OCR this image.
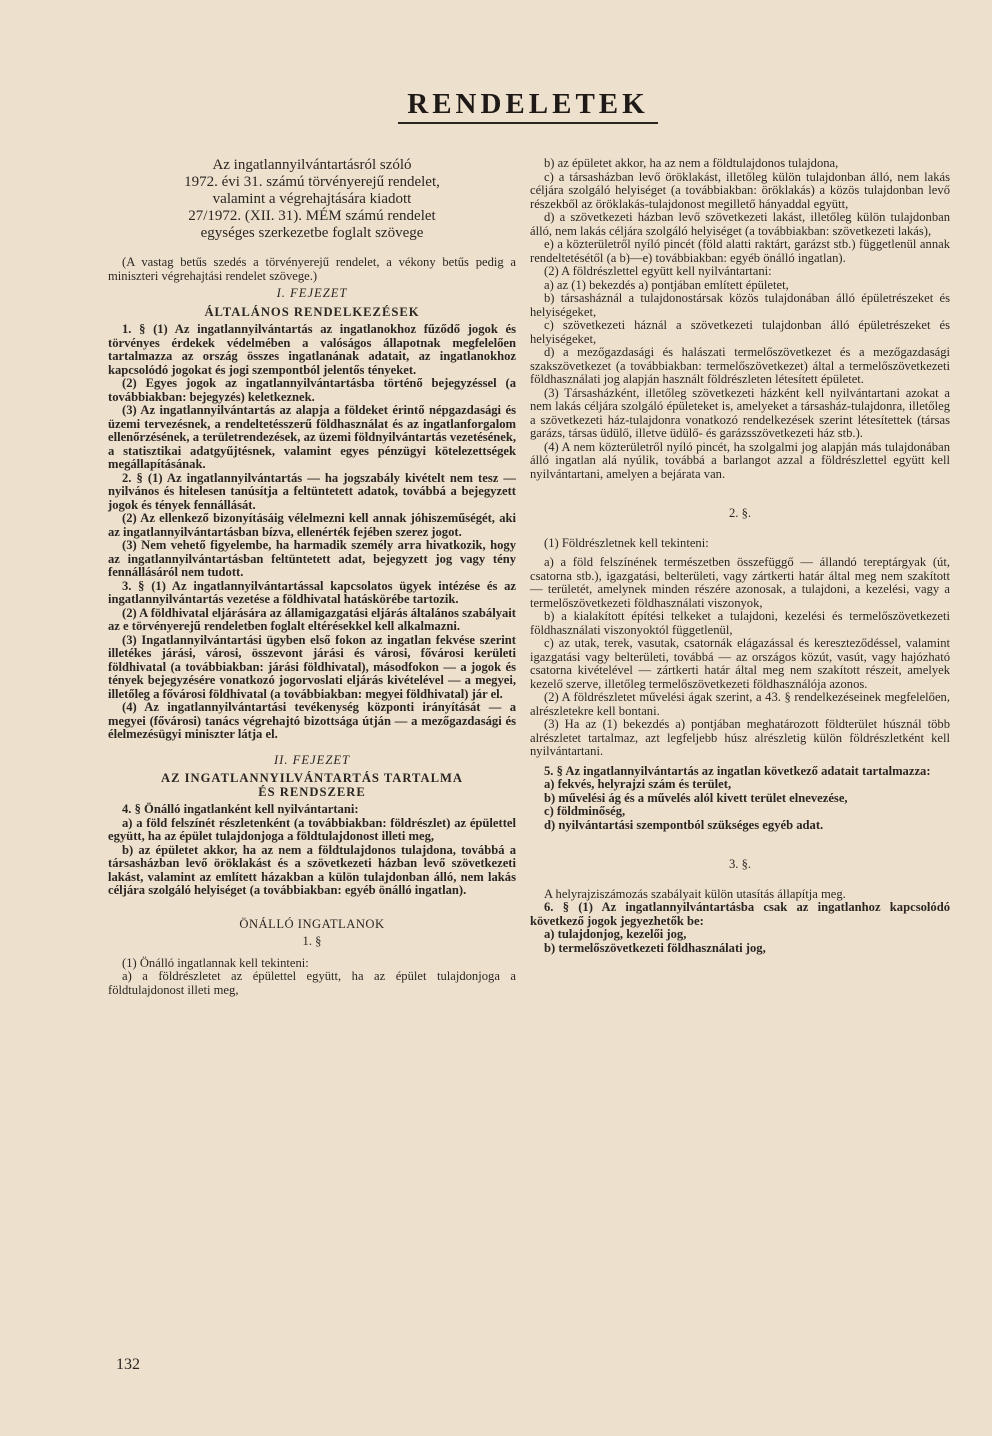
RENDELETEK
Az ingatlannyilvántartásról szóló
1972. évi 31. számú törvényerejű rendelet,
valamint a végrehajtására kiadott
27/1972. (XII. 31). MÉM számú rendelet
egységes szerkezetbe foglalt szövege

(A vastag betűs szedés a törvényerejű rendelet, a vékony betűs pedig a miniszteri végrehajtási rendelet szövege.)

I. FEJEZET

ÁLTALÁNOS RENDELKEZÉSEK

1. § (1) Az ingatlannyilvántartás az ingatlanokhoz fűződő jogok és törvényes érdekek védelmében a valóságos állapotnak megfelelően tartalmazza az ország összes ingatlanának adatait, az ingatlanokhoz kapcsolódó jogokat és jogi szempontból jelentős tényeket.

(2) Egyes jogok az ingatlannyilvántartásba történő bejegyzéssel (a továbbiakban: bejegyzés) keletkeznek.

(3) Az ingatlannyilvántartás az alapja a földeket érintő népgazdasági és üzemi tervezésnek, a rendeltetésszerű földhasználat és az ingatlanforgalom ellenőrzésének, a területrendezések, az üzemi földnyilvántartás vezetésének, a statisztikai adatgyűjtésnek, valamint egyes pénzügyi kötelezettségek megállapításának.

2. § (1) Az ingatlannyilvántartás — ha jogszabály kivételt nem tesz — nyilvános és hitelesen tanúsítja a feltüntetett adatok, továbbá a bejegyzett jogok és tények fennállását.

(2) Az ellenkező bizonyításáig vélelmezni kell annak jóhiszeműségét, aki az ingatlannyilvántartásban bízva, ellenérték fejében szerez jogot.

(3) Nem vehető figyelembe, ha harmadik személy arra hivatkozik, hogy az ingatlannyilvántartásban feltüntetett adat, bejegyzett jog vagy tény fennállásáról nem tudott.

3. § (1) Az ingatlannyilvántartással kapcsolatos ügyek intézése és az ingatlannyilvántartás vezetése a földhivatal hatáskörébe tartozik.

(2) A földhivatal eljárására az államigazgatási eljárás általános szabályait az e törvényerejű rendeletben foglalt eltérésekkel kell alkalmazni.

(3) Ingatlannyilvántartási ügyben első fokon az ingatlan fekvése szerint illetékes járási, városi, összevont járási és városi, fővárosi kerületi földhivatal (a továbbiakban: járási földhivatal), másodfokon — a jogok és tények bejegyzésére vonatkozó jogorvoslati eljárás kivételével — a megyei, illetőleg a fővárosi földhivatal (a továbbiakban: megyei földhivatal) jár el.

(4) Az ingatlannyilvántartási tevékenység központi irányítását — a megyei (fővárosi) tanács végrehajtó bizottsága útján — a mezőgazdasági és élelmezésügyi miniszter látja el.

II. FEJEZET

AZ INGATLANNYILVÁNTARTÁS TARTALMA

ÉS RENDSZERE

4. § Önálló ingatlanként kell nyilvántartani:

a) a föld felszínét részletenként (a továbbiakban: földrészlet) az épülettel együtt, ha az épület tulajdonjoga a földtulajdonost illeti meg,

b) az épületet akkor, ha az nem a földtulajdonos tulajdona, továbbá a társasházban levő öröklakást és a szövetkezeti házban levő szövetkezeti lakást, valamint az említett házakban a külön tulajdonban álló, nem lakás céljára szolgáló helyiséget (a továbbiakban: egyéb önálló ingatlan).

ÖNÁLLÓ INGATLANOK

1. §

(1) Önálló ingatlannak kell tekinteni:

a) a földrészletet az épülettel együtt, ha az épület tulajdonjoga a földtulajdonost illeti meg,

b) az épületet akkor, ha az nem a földtulajdonos tulajdona,

c) a társasházban levő öröklakást, illetőleg külön tulajdonban álló, nem lakás céljára szolgáló helyiséget (a továbbiakban: öröklakás) a közös tulajdonban levő részekből az öröklakás-tulajdonost megillető hányaddal együtt,

d) a szövetkezeti házban levő szövetkezeti lakást, illetőleg külön tulajdonban álló, nem lakás céljára szolgáló helyiséget (a továbbiakban: szövetkezeti lakás),

e) a közterületről nyíló pincét (föld alatti raktárt, garázst stb.) függetlenül annak rendeltetésétől (a b)—e) továbbiakban: egyéb önálló ingatlan).

(2) A földrészlettel együtt kell nyilvántartani:

a) az (1) bekezdés a) pontjában említett épületet,

b) társasháznál a tulajdonostársak közös tulajdonában álló épületrészeket és helyiségeket,

c) szövetkezeti háznál a szövetkezeti tulajdonban álló épületrészeket és helyiségeket,

d) a mezőgazdasági és halászati termelőszövetkezet és a mezőgazdasági szakszövetkezet (a továbbiakban: termelőszövetkezet) által a termelőszövetkezeti földhasználati jog alapján használt földrészleten létesített épületet.

(3) Társasházként, illetőleg szövetkezeti házként kell nyilvántartani azokat a nem lakás céljára szolgáló épületeket is, amelyeket a társasház-tulajdonra, illetőleg a szövetkezeti ház-tulajdonra vonatkozó rendelkezések szerint létesítettek (társas garázs, társas üdülő, illetve üdülő- és garázsszövetkezeti ház stb.).

(4) A nem közterületről nyíló pincét, ha szolgalmi jog alapján más tulajdonában álló ingatlan alá nyúlik, továbbá a barlangot azzal a földrészlettel együtt kell nyilvántartani, amelyen a bejárata van.

2. §.

(1) Földrészletnek kell tekinteni:

a) a föld felszínének természetben összefüggő — állandó tereptárgyak (út, csatorna stb.), igazgatási, belterületi, vagy zártkerti határ által meg nem szakított — területét, amelynek minden részére azonosak, a tulajdoni, a kezelési, vagy a termelőszövetkezeti földhasználati viszonyok,

b) a kialakított építési telkeket a tulajdoni, kezelési és termelőszövetkezeti földhasználati viszonyoktól függetlenül,

c) az utak, terek, vasutak, csatornák elágazással és kereszteződéssel, valamint igazgatási vagy belterületi, továbbá — az országos közút, vasút, vagy hajózható csatorna kivételével — zártkerti határ által meg nem szakított részeit, amelyek kezelő szerve, illetőleg termelőszövetkezeti földhasználója azonos.

(2) A földrészletet művelési ágak szerint, a 43. § rendelkezéseinek megfelelően, alrészletekre kell bontani.

(3) Ha az (1) bekezdés a) pontjában meghatározott földterület húsznál több alrészletet tartalmaz, azt legfeljebb húsz alrészletig külön földrészletként kell nyilvántartani.

5. § Az ingatlannyilvántartás az ingatlan következő adatait tartalmazza:

a) fekvés, helyrajzi szám és terület,

b) művelési ág és a művelés alól kivett terület elnevezése,

c) földminőség,

d) nyilvántartási szempontból szükséges egyéb adat.

3. §.

A helyrajziszámozás szabályait külön utasítás állapítja meg.

6. § (1) Az ingatlannyilvántartásba csak az ingatlanhoz kapcsolódó következő jogok jegyezhetők be:

a) tulajdonjog, kezelői jog,

b) termelőszövetkezeti földhasználati jog,

132
